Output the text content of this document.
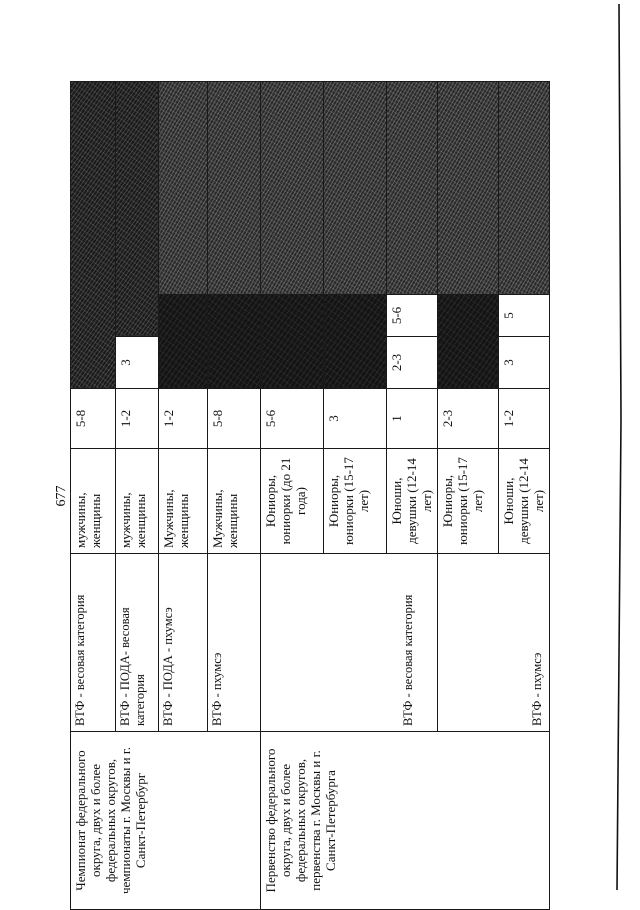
677
Чемпионат федерального округа, двух и более федеральных округов, чемпионаты г. Москвы и г. Санкт-Петербург	ВТФ - весовая категория	мужчины, женщины	5-8			
	ВТФ - ПОДА- весовая категория	мужчины, женщины	1-2	3		
	ВТФ - ПОДА - пхумсэ	Мужчины, женщины	1-2			
	ВТФ - пхумсэ	Мужчины, женщины	5-8			
Первенство федерального округа, двух и более федеральных округов, первенства г. Москвы и г. Санкт-Петербурга	ВТФ - весовая категория	Юниоры, юниорки (до 21 года)	5-6			
		Юниоры, юниорки (15-17 лет)	3			
		Юноши, девушки (12-14 лет)	1	2-3	5-6	
	ВТФ - пхумсэ	Юниоры, юниорки (15-17 лет)	2-3			
		Юноши, девушки (12-14 лет)	1-2	3	5	
